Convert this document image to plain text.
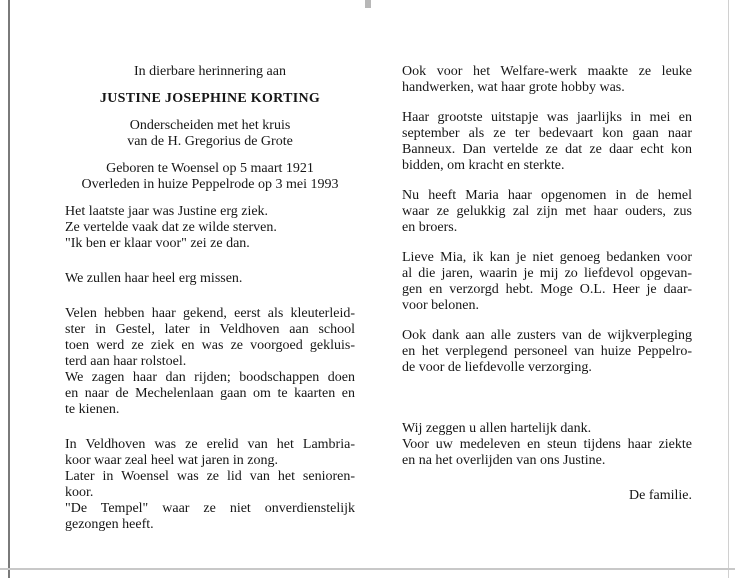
In dierbare herinnering aan
JUSTINE JOSEPHINE KORTING
Onderscheiden met het kruis
van de H. Gregorius de Grote
Geboren te Woensel op 5 maart 1921
Overleden in huize Peppelrode op 3 mei 1993
Het laatste jaar was Justine erg ziek.
Ze vertelde vaak dat ze wilde sterven.
"Ik ben er klaar voor" zei ze dan.
We zullen haar heel erg missen.
Velen hebben haar gekend, eerst als kleuterleid-
ster in Gestel, later in Veldhoven aan school
toen werd ze ziek en was ze voorgoed gekluis-
terd aan haar rolstoel.
We zagen haar dan rijden; boodschappen doen
en naar de Mechelenlaan gaan om te kaarten en
te kienen.
In Veldhoven was ze erelid van het Lambria-
koor waar zeal heel wat jaren in zong.
Later in Woensel was ze lid van het senioren-
koor.
"De Tempel" waar ze niet onverdienstelijk
gezongen heeft.
Ook voor het Welfare-werk maakte ze leuke
handwerken, wat haar grote hobby was.
Haar grootste uitstapje was jaarlijks in mei en
september als ze ter bedevaart kon gaan naar
Banneux. Dan vertelde ze dat ze daar echt kon
bidden, om kracht en sterkte.
Nu heeft Maria haar opgenomen in de hemel
waar ze gelukkig zal zijn met haar ouders, zus
en broers.
Lieve Mia, ik kan je niet genoeg bedanken voor
al die jaren, waarin je mij zo liefdevol opgevan-
gen en verzorgd hebt. Moge O.L. Heer je daar-
voor belonen.
Ook dank aan alle zusters van de wijkverpleging
en het verplegend personeel van huize Peppelro-
de voor de liefdevolle verzorging.
Wij zeggen u allen hartelijk dank.
Voor uw medeleven en steun tijdens haar ziekte
en na het overlijden van ons Justine.
De familie.
